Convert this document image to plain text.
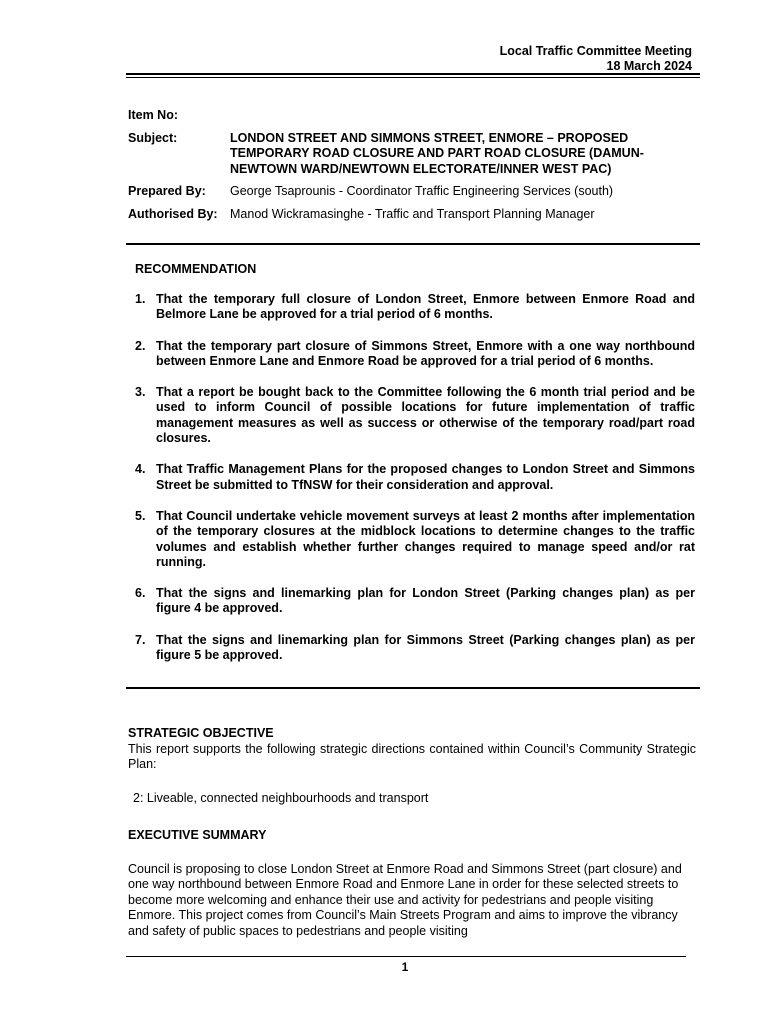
Local Traffic Committee Meeting
18 March 2024
Item No:
Subject:	LONDON STREET AND SIMMONS STREET, ENMORE – PROPOSED TEMPORARY ROAD CLOSURE AND PART ROAD CLOSURE (DAMUN-NEWTOWN WARD/NEWTOWN ELECTORATE/INNER WEST PAC)
Prepared By:	George Tsaprounis - Coordinator Traffic Engineering Services (south)
Authorised By: Manod Wickramasinghe - Traffic and Transport Planning Manager
RECOMMENDATION
1. That the temporary full closure of London Street, Enmore between Enmore Road and Belmore Lane be approved for a trial period of 6 months.
2. That the temporary part closure of Simmons Street, Enmore with a one way northbound between Enmore Lane and Enmore Road be approved for a trial period of 6 months.
3. That a report be bought back to the Committee following the 6 month trial period and be used to inform Council of possible locations for future implementation of traffic management measures as well as success or otherwise of the temporary road/part road closures.
4. That Traffic Management Plans for the proposed changes to London Street and Simmons Street be submitted to TfNSW for their consideration and approval.
5. That Council undertake vehicle movement surveys at least 2 months after implementation of the temporary closures at the midblock locations to determine changes to the traffic volumes and establish whether further changes required to manage speed and/or rat running.
6. That the signs and linemarking plan for London Street (Parking changes plan) as per figure 4 be approved.
7. That the signs and linemarking plan for Simmons Street (Parking changes plan) as per figure 5 be approved.
STRATEGIC OBJECTIVE
This report supports the following strategic directions contained within Council’s Community Strategic Plan:
2: Liveable, connected neighbourhoods and transport
EXECUTIVE SUMMARY
Council is proposing to close London Street at Enmore Road and Simmons Street (part closure) and one way northbound between Enmore Road and Enmore Lane in order for these selected streets to become more welcoming and enhance their use and activity for pedestrians and people visiting Enmore. This project comes from Council’s Main Streets Program and aims to improve the vibrancy and safety of public spaces to pedestrians and people visiting
1
